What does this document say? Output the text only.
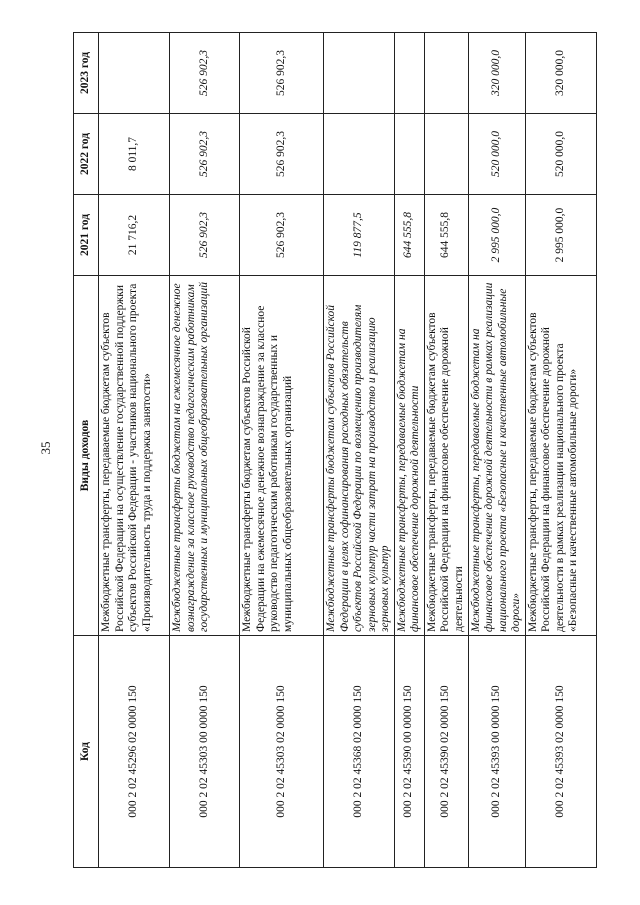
35
Код	Виды доходов	2021 год	2022 год	2023 год
000 2 02 45296 02 0000 150	Межбюджетные трансферты, передаваемые бюджетам субъектов Российской Федерации на осуществление государственной поддержки субъектов Российской Федерации - участников национального проекта «Производительность труда и поддержка занятости»	21 716,2	8 011,7	
000 2 02 45303 00 0000 150	Межбюджетные трансферты бюджетам на ежемесячное денежное вознаграждение за классное руководство педагогическим работникам государственных и муниципальных общеобразовательных организаций	526 902,3	526 902,3	526 902,3
000 2 02 45303 02 0000 150	Межбюджетные трансферты бюджетам субъектов Российской Федерации на ежемесячное денежное вознаграждение за классное руководство педагогическим работникам государственных и муниципальных общеобразовательных организаций	526 902,3	526 902,3	526 902,3
000 2 02 45368 02 0000 150	Межбюджетные трансферты бюджетам субъектов Российской Федерации в целях софинансирования расходных обязательств субъектов Российской Федерации по возмещению производителям зерновых культур части затрат на производство и реализацию зерновых культур	119 877,5		
000 2 02 45390 00 0000 150	Межбюджетные трансферты, передаваемые бюджетам на финансовое обеспечение дорожной деятельности	644 555,8		
000 2 02 45390 02 0000 150	Межбюджетные трансферты, передаваемые бюджетам субъектов Российской Федерации на финансовое обеспечение дорожной деятельности	644 555,8		
000 2 02 45393 00 0000 150	Межбюджетные трансферты, передаваемые бюджетам на финансовое обеспечение дорожной деятельности в рамках реализации национального проекта «Безопасные и качественные автомобильные дороги»	2 995 000,0	520 000,0	320 000,0
000 2 02 45393 02 0000 150	Межбюджетные трансферты, передаваемые бюджетам субъектов Российской Федерации на финансовое обеспечение дорожной деятельности в рамках реализации национального проекта «Безопасные и качественные автомобильные дороги»	2 995 000,0	520 000,0	320 000,0
